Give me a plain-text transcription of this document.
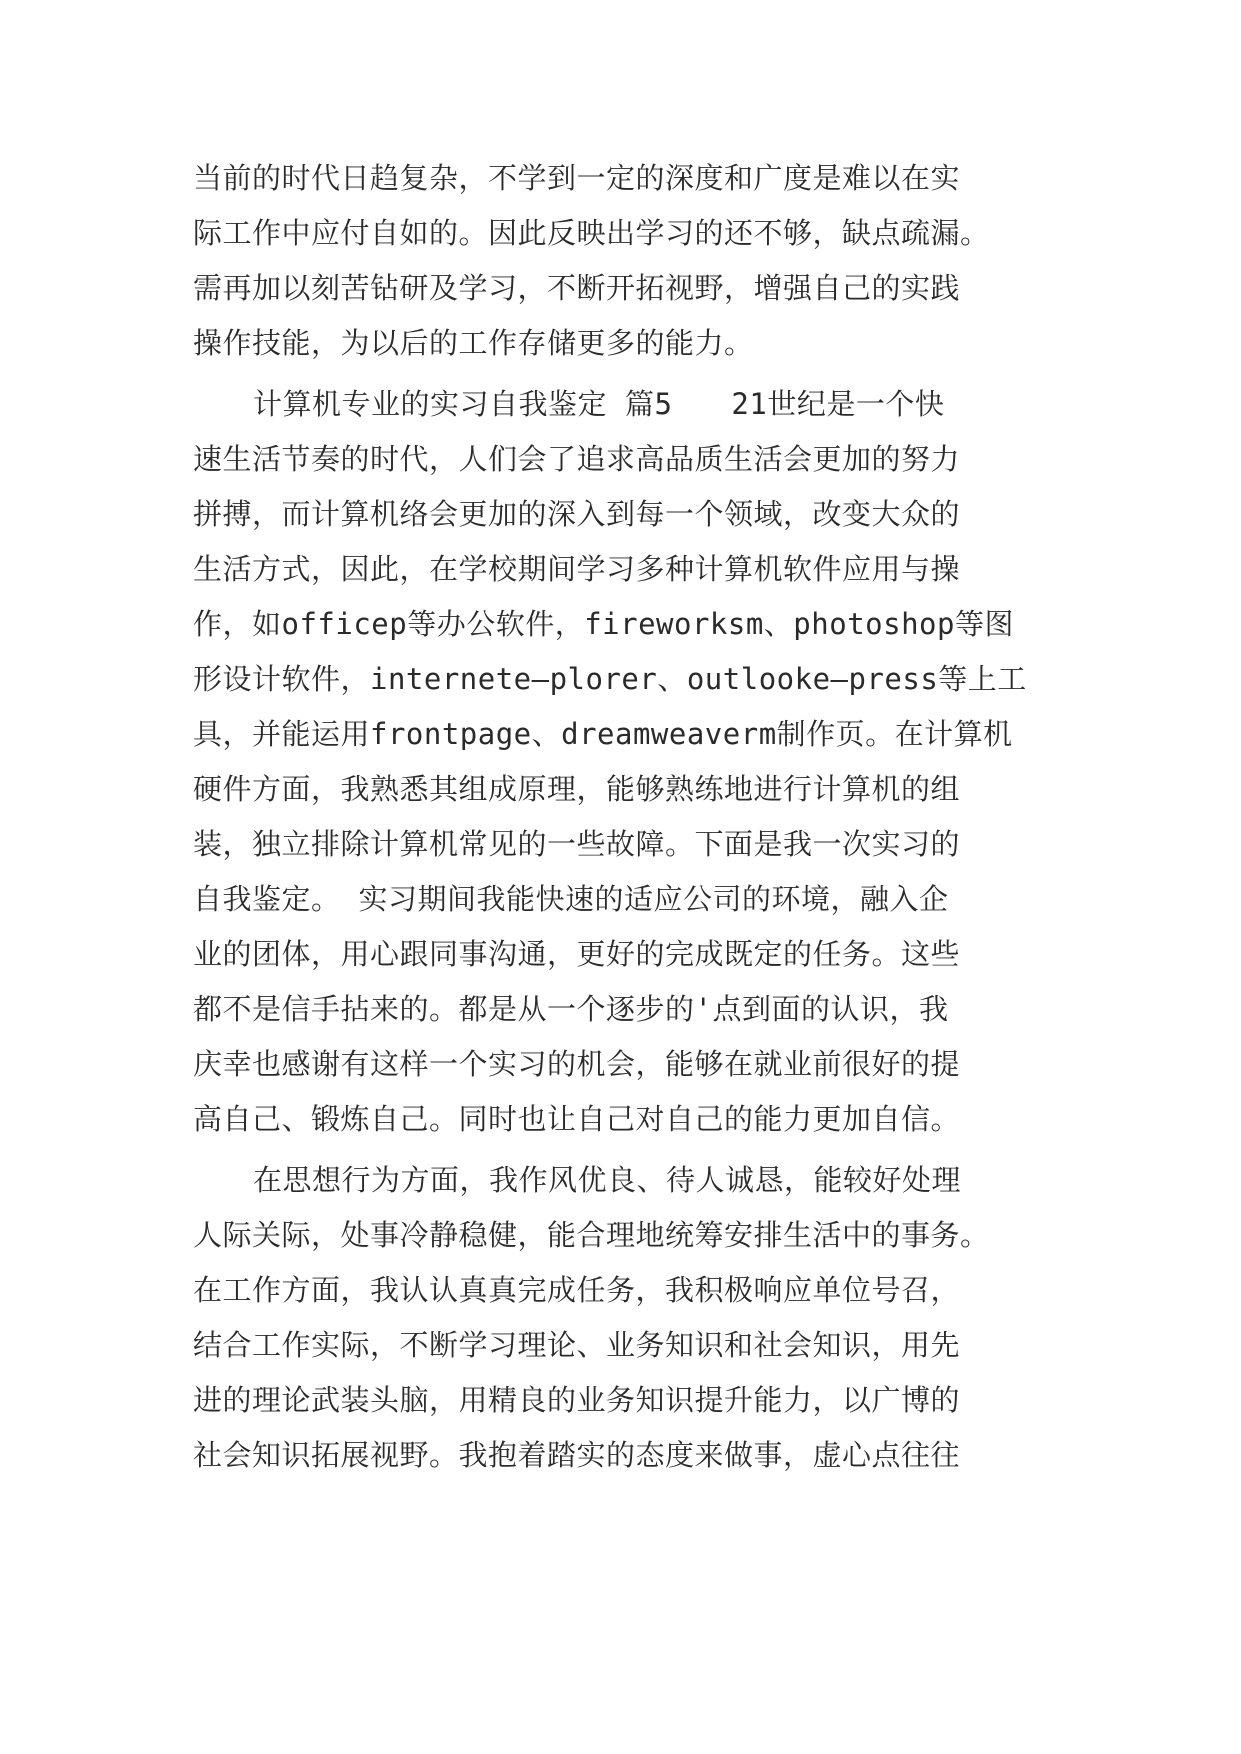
当前的时代日趋复杂，不学到一定的深度和广度是难以在实
际工作中应付自如的。因此反映出学习的还不够，缺点疏漏。
需再加以刻苦钻研及学习，不断开拓视野，增强自己的实践
操作技能，为以后的工作存储更多的能力。
计算机专业的实习自我鉴定 篇5　　21世纪是一个快
速生活节奏的时代，人们会了追求高品质生活会更加的努力
拼搏，而计算机络会更加的深入到每一个领域，改变大众的
生活方式，因此，在学校期间学习多种计算机软件应用与操
作，如officep等办公软件，fireworksm、photoshop等图
形设计软件，internete—plorer、outlooke—press等上工
具，并能运用frontpage、dreamweaverm制作页。在计算机
硬件方面，我熟悉其组成原理，能够熟练地进行计算机的组
装，独立排除计算机常见的一些故障。下面是我一次实习的
自我鉴定。 实习期间我能快速的适应公司的环境，融入企
业的团体，用心跟同事沟通，更好的完成既定的任务。这些
都不是信手拈来的。都是从一个逐步的'点到面的认识，我
庆幸也感谢有这样一个实习的机会，能够在就业前很好的提
高自己、锻炼自己。同时也让自己对自己的能力更加自信。
在思想行为方面，我作风优良、待人诚恳，能较好处理
人际关际，处事冷静稳健，能合理地统筹安排生活中的事务。
在工作方面，我认认真真完成任务，我积极响应单位号召，
结合工作实际，不断学习理论、业务知识和社会知识，用先
进的理论武装头脑，用精良的业务知识提升能力，以广博的
社会知识拓展视野。我抱着踏实的态度来做事，虚心点往往
